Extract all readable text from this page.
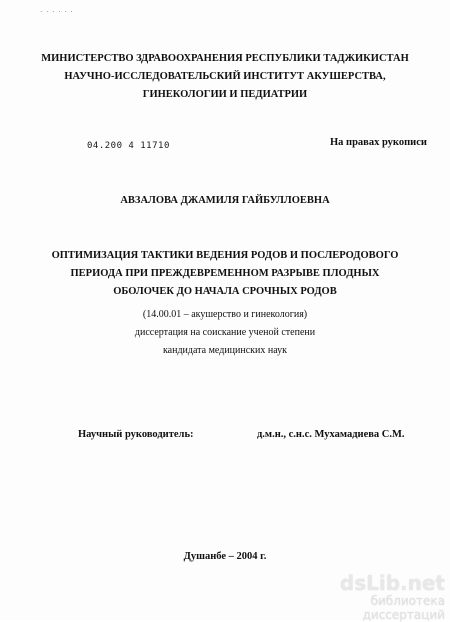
· · · · · ·
МИНИСТЕРСТВО ЗДРАВООХРАНЕНИЯ РЕСПУБЛИКИ ТАДЖИКИСТАН
НАУЧНО-ИССЛЕДОВАТЕЛЬСКИЙ ИНСТИТУТ АКУШЕРСТВА,
ГИНЕКОЛОГИИ И ПЕДИАТРИИ
04.200 4 11710	На правах рукописи
АВЗАЛОВА ДЖАМИЛЯ ГАЙБУЛЛОЕВНА
ОПТИМИЗАЦИЯ ТАКТИКИ ВЕДЕНИЯ РОДОВ И ПОСЛЕРОДОВОГО
ПЕРИОДА ПРИ ПРЕЖДЕВРЕМЕННОМ РАЗРЫВЕ ПЛОДНЫХ
ОБОЛОЧЕК ДО НАЧАЛА СРОЧНЫХ РОДОВ
(14.00.01 – акушерство и гинекология)
диссертация на соискание ученой степени
кандидата медицинских наук
Научный руководитель:	д.м.н., с.н.с. Мухамадиева С.М.
Душанбе – 2004 г.
dsLib.net
библиотека диссертаций
